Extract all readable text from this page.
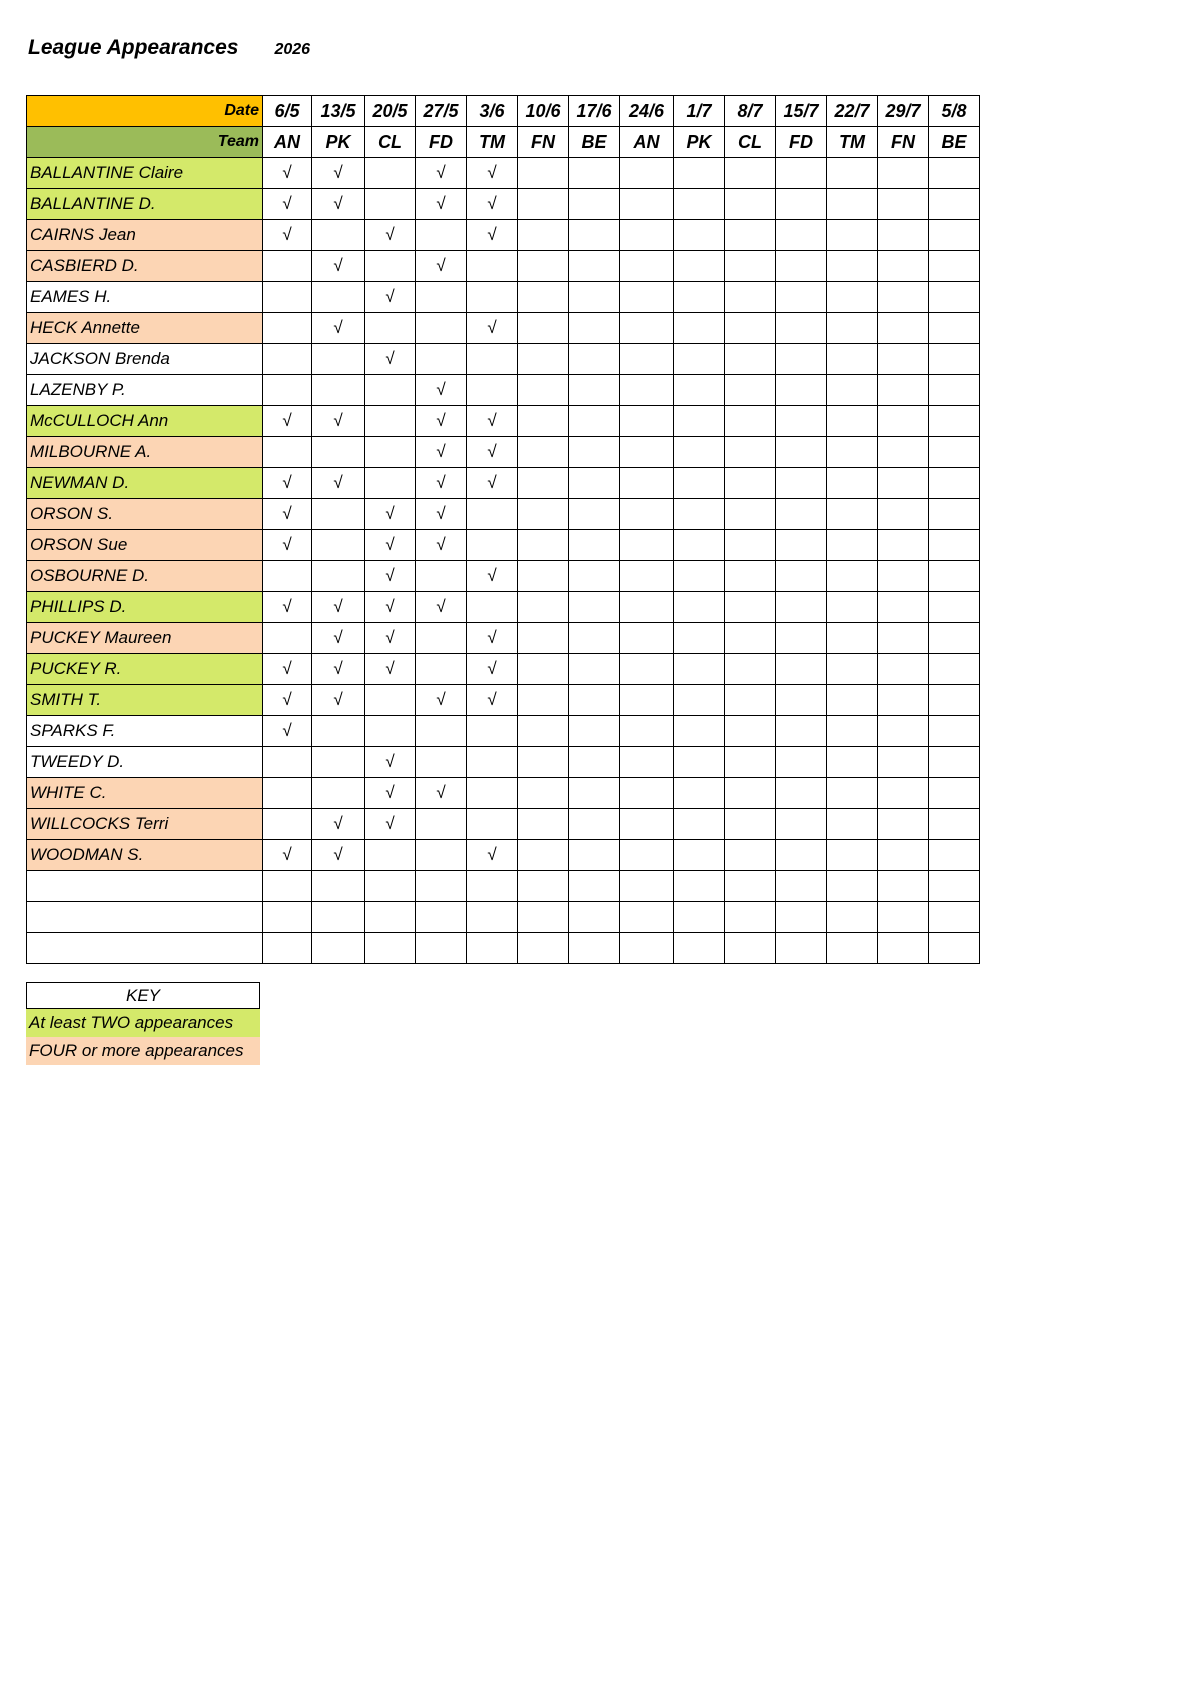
League Appearances 2026
Date	6/5	13/5	20/5	27/5	3/6	10/6	17/6	24/6	1/7	8/7	15/7	22/7	29/7	5/8
Team	AN	PK	CL	FD	TM	FN	BE	AN	PK	CL	FD	TM	FN	BE
BALLANTINE Claire	√	√		√	√									
BALLANTINE D.	√	√		√	√									
CAIRNS Jean	√		√		√									
CASBIERD D.		√		√										
EAMES H.			√											
HECK Annette		√			√									
JACKSON Brenda			√											
LAZENBY P.				√										
McCULLOCH Ann	√	√		√	√									
MILBOURNE A.				√	√									
NEWMAN D.	√	√		√	√									
ORSON S.	√		√	√										
ORSON Sue	√		√	√										
OSBOURNE D.			√		√									
PHILLIPS D.	√	√	√	√										
PUCKEY Maureen		√	√		√									
PUCKEY R.	√	√	√		√									
SMITH T.	√	√		√	√									
SPARKS F.	√													
TWEEDY D.			√											
WHITE C.			√	√										
WILLCOCKS Terri		√	√											
WOODMAN S.	√	√			√									

KEY
At least TWO appearances
FOUR or more appearances
